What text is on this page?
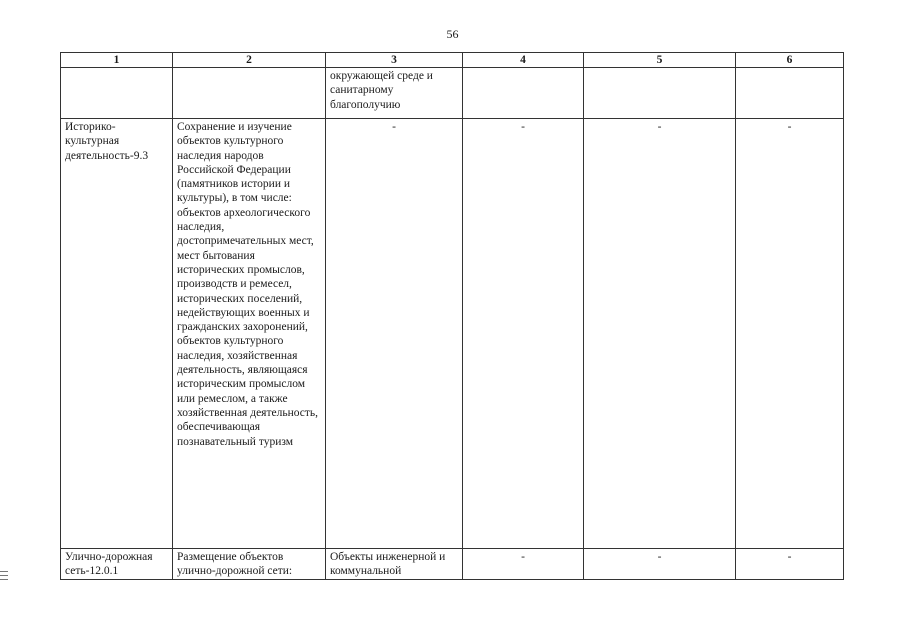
56
1	2	3	4	5	6
		окружающей среде и санитарному благополучию			
Историко-культурная деятельность-9.3	Сохранение и изучение объектов культурного наследия народов Российской Федерации (памятников истории и культуры), в том числе: объектов археологического наследия, достопримечательных мест, мест бытования исторических промыслов, производств и ремесел, исторических поселений, недействующих военных и гражданских захоронений, объектов культурного наследия, хозяйственная деятельность, являющаяся историческим промыслом или ремеслом, а также хозяйственная деятельность, обеспечивающая познавательный туризм	-	-	-	-
Улично-дорожная сеть-12.0.1	Размещение объектов улично-дорожной сети:	Объекты инженерной и коммунальной	-	-	-
